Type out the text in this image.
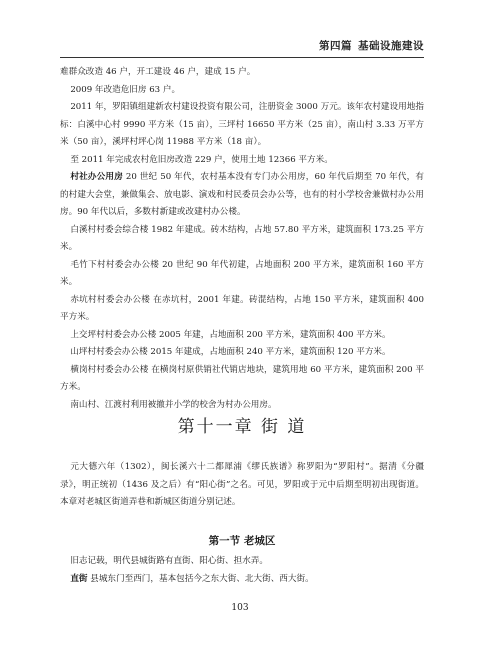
第四篇 基础设施建设

难群众改造 46 户，开工建设 46 户，建成 15 户。

2009 年改造危旧房 63 户。

2011 年，罗阳镇组建新农村建设投资有限公司，注册资金 3000 万元。该年农村建设用地指标：白溪中心村 9990 平方米（15 亩），三坪村 16650 平方米（25 亩），南山村 3.33 万平方米（50 亩），溪坪村坪心岗 11988 平方米（18 亩）。

至 2011 年完成农村危旧房改造 229 户，使用土地 12366 平方米。

村社办公用房 20 世纪 50 年代，农村基本没有专门办公用房，60 年代后期至 70 年代，有的村建大会堂，兼做集会、放电影、演戏和村民委员会办公等，也有的村小学校舍兼做村办公用房。90 年代以后，多数村新建或改建村办公楼。

白溪村村委会综合楼 1982 年建成。砖木结构，占地 57.80 平方米，建筑面积 173.25 平方米。

毛竹下村村委会办公楼 20 世纪 90 年代初建，占地面积 200 平方米，建筑面积 160 平方米。

赤坑村村委会办公楼 在赤坑村，2001 年建。砖混结构，占地 150 平方米，建筑面积 400 平方米。

上交坪村村委会办公楼 2005 年建，占地面积 200 平方米，建筑面积 400 平方米。

山坪村村委会办公楼 2015 年建成，占地面积 240 平方米，建筑面积 120 平方米。

横岗村村委会办公楼 在横岗村原供销社代销店地块，建筑用地 60 平方米，建筑面积 200 平方米。

南山村、江渡村利用被撤并小学的校舍为村办公用房。

第十一章 街 道

元大德六年（1302），闽长溪六十二都犀浦《缪氏族谱》称罗阳为“罗阳村”。据清《分疆录》，明正统初（1436 及之后）有“阳心街”之名。可见，罗阳或于元中后期至明初出现街道。本章对老城区街道弄巷和新城区街道分别记述。

第一节 老城区

旧志记载，明代县城街路有直街、阳心街、担水弄。

直街 县城东门至西门，基本包括今之东大街、北大街、西大街。

103
